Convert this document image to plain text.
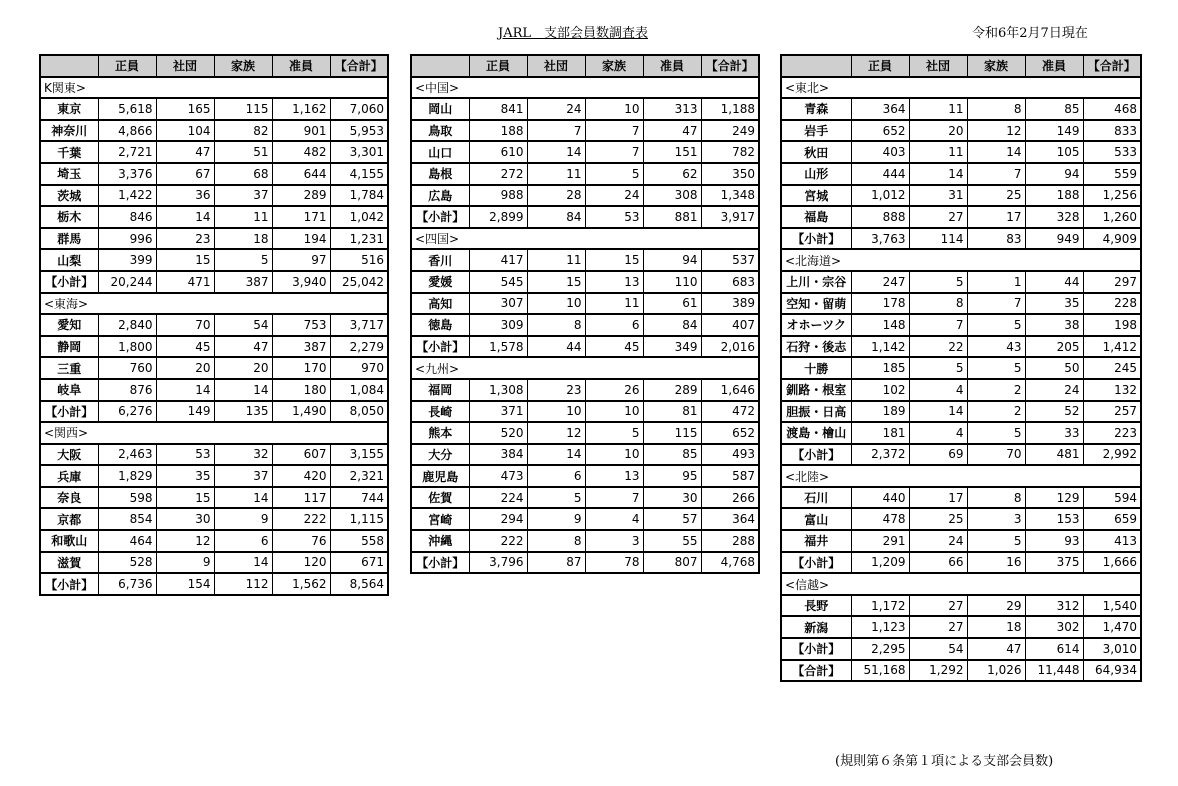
JARL　支部会員数調査表	令和6年2月7日現在
	正員	社団	家族	准員	【合計】
K関東>					
東京	5,618	165	115	1,162	7,060
神奈川	4,866	104	82	901	5,953
千葉	2,721	47	51	482	3,301
埼玉	3,376	67	68	644	4,155
茨城	1,422	36	37	289	1,784
栃木	846	14	11	171	1,042
群馬	996	23	18	194	1,231
山梨	399	15	5	97	516
【小計】	20,244	471	387	3,940	25,042
<東海>					
愛知	2,840	70	54	753	3,717
静岡	1,800	45	47	387	2,279
三重	760	20	20	170	970
岐阜	876	14	14	180	1,084
【小計】	6,276	149	135	1,490	8,050
<関西>					
大阪	2,463	53	32	607	3,155
兵庫	1,829	35	37	420	2,321
奈良	598	15	14	117	744
京都	854	30	9	222	1,115
和歌山	464	12	6	76	558
滋賀	528	9	14	120	671
【小計】	6,736	154	112	1,562	8,564
	正員	社団	家族	准員	【合計】
<中国>					
岡山	841	24	10	313	1,188
鳥取	188	7	7	47	249
山口	610	14	7	151	782
島根	272	11	5	62	350
広島	988	28	24	308	1,348
【小計】	2,899	84	53	881	3,917
<四国>					
香川	417	11	15	94	537
愛媛	545	15	13	110	683
高知	307	10	11	61	389
徳島	309	8	6	84	407
【小計】	1,578	44	45	349	2,016
<九州>					
福岡	1,308	23	26	289	1,646
長崎	371	10	10	81	472
熊本	520	12	5	115	652
大分	384	14	10	85	493
鹿児島	473	6	13	95	587
佐賀	224	5	7	30	266
宮崎	294	9	4	57	364
沖縄	222	8	3	55	288
【小計】	3,796	87	78	807	4,768
	正員	社団	家族	准員	【合計】
<東北>					
青森	364	11	8	85	468
岩手	652	20	12	149	833
秋田	403	11	14	105	533
山形	444	14	7	94	559
宮城	1,012	31	25	188	1,256
福島	888	27	17	328	1,260
【小計】	3,763	114	83	949	4,909
<北海道>					
上川・宗谷	247	5	1	44	297
空知・留萌	178	8	7	35	228
オホーツク	148	7	5	38	198
石狩・後志	1,142	22	43	205	1,412
十勝	185	5	5	50	245
釧路・根室	102	4	2	24	132
胆振・日高	189	14	2	52	257
渡島・檜山	181	4	5	33	223
【小計】	2,372	69	70	481	2,992
<北陸>					
石川	440	17	8	129	594
富山	478	25	3	153	659
福井	291	24	5	93	413
【小計】	1,209	66	16	375	1,666
<信越>					
長野	1,172	27	29	312	1,540
新潟	1,123	27	18	302	1,470
【小計】	2,295	54	47	614	3,010
【合計】	51,168	1,292	1,026	11,448	64,934
(規則第６条第１項による支部会員数)
